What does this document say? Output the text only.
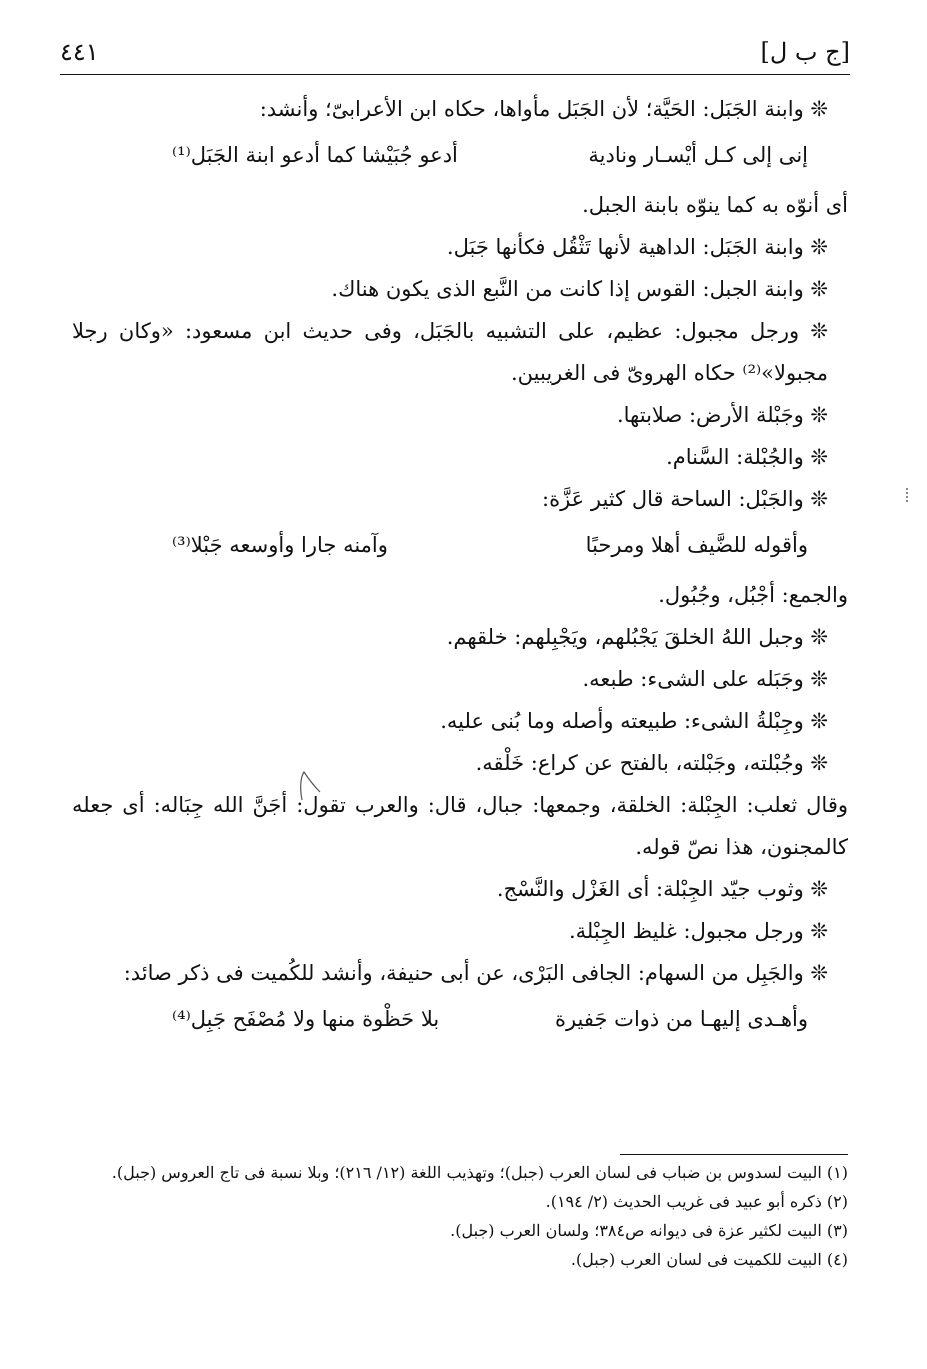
٤٤١	[ج ب ل]

❊ وابنة الجَبَل: الحَيَّة؛ لأن الجَبَل مأواها، حكاه ابن الأعرابىّ؛ وأنشد:

إنى إلى كـل أيْسـار ونادية
أدعو جُبَيْشا كما أدعو ابنة الجَبَل⁽¹⁾

أى أنوّه به كما ينوّه بابنة الجبل.

❊ وابنة الجَبَل: الداهية لأنها تَثْقُل فكأنها جَبَل.

❊ وابنة الجبل: القوس إذا كانت من النَّبع الذى يكون هناك.

❊ ورجل مجبول: عظيم، على التشبيه بالجَبَل، وفى حديث ابن مسعود: «وكان رجلا مجبولا»⁽²⁾ حكاه الهروىّ فى الغريبين.

❊ وجَبْلة الأرض: صلابتها.

❊ والجُبْلة: السَّنام.

❊ والجَبْل: الساحة قال كثير عَزَّة:

وأقوله للضَّيف أهلا ومرحبًا
وآمنه جارا وأوسعه جَبْلا⁽³⁾

والجمع: أجْبُل، وجُبُول.

❊ وجبل اللهُ الخلقَ يَجْبُلهم، ويَجْبِلهم: خلقهم.

❊ وجَبَله على الشىء: طبعه.

❊ وجِبْلةُ الشىء: طبيعته وأصله وما بُنى عليه.

❊ وجُبْلته، وجَبْلته، بالفتح عن كراع: خَلْقه.

وقال ثعلب: الجِبْلة: الخلقة، وجمعها: جبال، قال: والعرب تقول: أجَنَّ الله جِبَاله: أى جعله كالمجنون، هذا نصّ قوله.

❊ وثوب جيّد الجِبْلة: أى الغَزْل والنَّسْج.

❊ ورجل مجبول: غليظ الجِبْلة.

❊ والجَبِل من السهام: الجافى البَرْى، عن أبى حنيفة، وأنشد للكُميت فى ذكر صائد:

وأهـدى إليهـا من ذوات جَفيرة
بلا حَظْوة منها ولا مُصْفَح جَبِل⁽⁴⁾

(١) البيت لسدوس بن ضباب فى لسان العرب (جبل)؛ وتهذيب اللغة (١٢/ ٢١٦)؛ وبلا نسبة فى تاج العروس (جبل).

(٢) ذكره أبو عبيد فى غريب الحديث (٢/ ١٩٤).

(٣) البيت لكثير عزة فى ديوانه ص٣٨٤؛ ولسان العرب (جبل).

(٤) البيت للكميت فى لسان العرب (جبل).
